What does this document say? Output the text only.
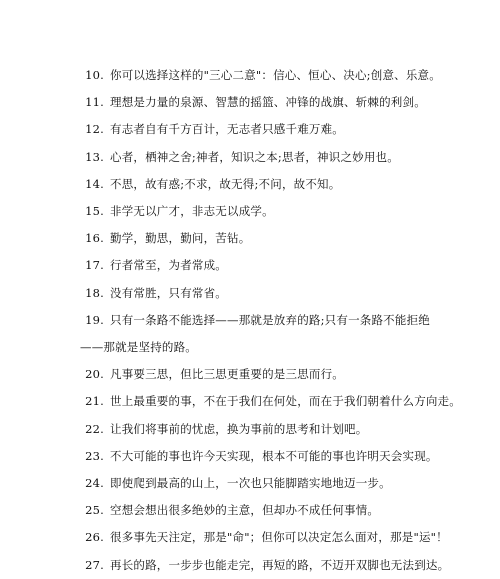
10. 你可以选择这样的"三心二意"：信心、恒心、决心;创意、乐意。
11. 理想是力量的泉源、智慧的摇篮、冲锋的战旗、斩棘的利剑。
12. 有志者自有千方百计，无志者只感千难万难。
13. 心者，栖神之舍;神者，知识之本;思者，神识之妙用也。
14. 不思，故有惑;不求，故无得;不问，故不知。
15. 非学无以广才，非志无以成学。
16. 勤学，勤思，勤问，苦钻。
17. 行者常至，为者常成。
18. 没有常胜，只有常省。
19. 只有一条路不能选择——那就是放弃的路;只有一条路不能拒绝
——那就是坚持的路。
20. 凡事要三思，但比三思更重要的是三思而行。
21. 世上最重要的事，不在于我们在何处，而在于我们朝着什么方向走。
22. 让我们将事前的忧虑，换为事前的思考和计划吧。
23. 不大可能的事也许今天实现，根本不可能的事也许明天会实现。
24. 即使爬到最高的山上，一次也只能脚踏实地地迈一步。
25. 空想会想出很多绝妙的主意，但却办不成任何事情。
26. 很多事先天注定，那是"命"；但你可以决定怎么面对，那是"运"！
27. 再长的路，一步步也能走完，再短的路，不迈开双脚也无法到达。
